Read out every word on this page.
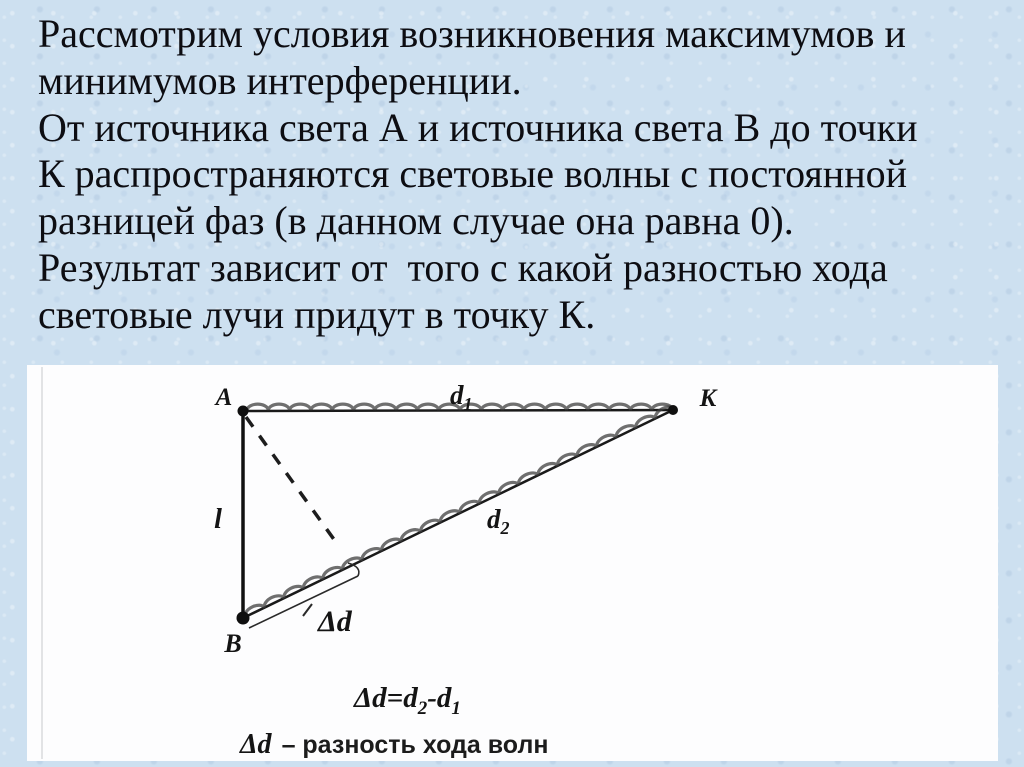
Рассмотрим условия возникновения максимумов и
минимумов интерференции.
От источника света А и источника света В до точки
К распространяются световые волны с постоянной
разницей фаз (в данном случае она равна 0).
Результат зависит от  того с какой разностью хода
световые лучи придут в точку К.
A	K
B
l
$d_1$
$d_2$
Δd
$\Delta d=d_2-d_1$
Δd – разность хода волн
